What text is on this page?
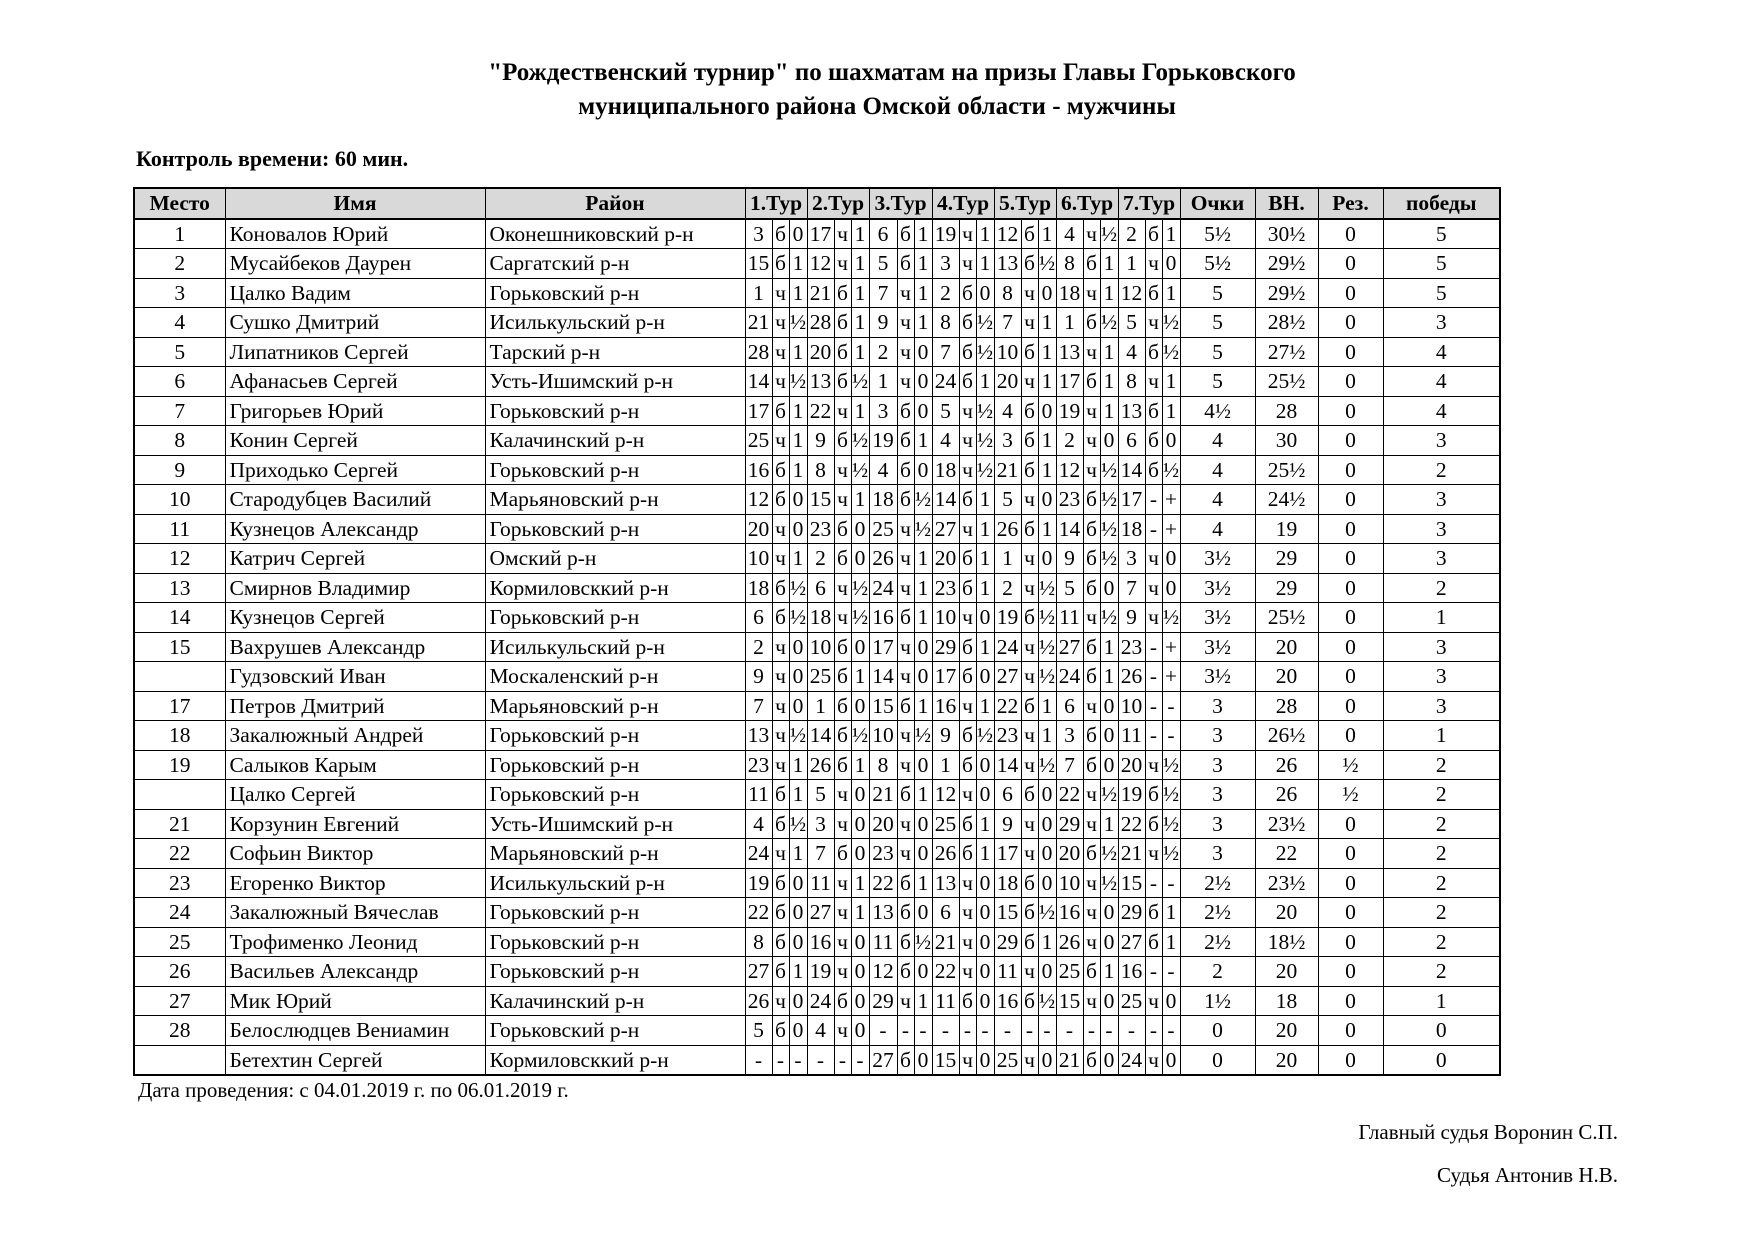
"Рождественский турнир" по шахматам на призы Главы Горьковского
муниципального района Омской области - мужчины
Контроль времени: 60 мин.
Место	Имя	Район	1.Тур			2.Тур			3.Тур			4.Тур			5.Тур			6.Тур			7.Тур			Очки	ВН.	Рез.	победы
1	Коновалов Юрий	Оконешниковский р-н	3	б	0	17	ч	1	6	б	1	19	ч	1	12	б	1	4	ч	½	2	б	1	5½	30½	0	5
2	Мусайбеков Даурен	Саргатский р-н	15	б	1	12	ч	1	5	б	1	3	ч	1	13	б	½	8	б	1	1	ч	0	5½	29½	0	5
3	Цалко Вадим	Горьковский р-н	1	ч	1	21	б	1	7	ч	1	2	б	0	8	ч	0	18	ч	1	12	б	1	5	29½	0	5
4	Сушко Дмитрий	Исилькульский р-н	21	ч	½	28	б	1	9	ч	1	8	б	½	7	ч	1	1	б	½	5	ч	½	5	28½	0	3
5	Липатников Сергей	Тарский р-н	28	ч	1	20	б	1	2	ч	0	7	б	½	10	б	1	13	ч	1	4	б	½	5	27½	0	4
6	Афанасьев Сергей	Усть-Ишимский р-н	14	ч	½	13	б	½	1	ч	0	24	б	1	20	ч	1	17	б	1	8	ч	1	5	25½	0	4
7	Григорьев Юрий	Горьковский р-н	17	б	1	22	ч	1	3	б	0	5	ч	½	4	б	0	19	ч	1	13	б	1	4½	28	0	4
8	Конин Сергей	Калачинский р-н	25	ч	1	9	б	½	19	б	1	4	ч	½	3	б	1	2	ч	0	6	б	0	4	30	0	3
9	Приходько Сергей	Горьковский р-н	16	б	1	8	ч	½	4	б	0	18	ч	½	21	б	1	12	ч	½	14	б	½	4	25½	0	2
10	Стародубцев Василий	Марьяновский р-н	12	б	0	15	ч	1	18	б	½	14	б	1	5	ч	0	23	б	½	17	-	+	4	24½	0	3
11	Кузнецов Александр	Горьковский р-н	20	ч	0	23	б	0	25	ч	½	27	ч	1	26	б	1	14	б	½	18	-	+	4	19	0	3
12	Катрич Сергей	Омский р-н	10	ч	1	2	б	0	26	ч	1	20	б	1	1	ч	0	9	б	½	3	ч	0	3½	29	0	3
13	Смирнов Владимир	Кормиловсккий р-н	18	б	½	6	ч	½	24	ч	1	23	б	1	2	ч	½	5	б	0	7	ч	0	3½	29	0	2
14	Кузнецов Сергей	Горьковский р-н	6	б	½	18	ч	½	16	б	1	10	ч	0	19	б	½	11	ч	½	9	ч	½	3½	25½	0	1
15	Вахрушев Александр	Исилькульский р-н	2	ч	0	10	б	0	17	ч	0	29	б	1	24	ч	½	27	б	1	23	-	+	3½	20	0	3
	Гудзовский Иван	Москаленский р-н	9	ч	0	25	б	1	14	ч	0	17	б	0	27	ч	½	24	б	1	26	-	+	3½	20	0	3
17	Петров Дмитрий	Марьяновский р-н	7	ч	0	1	б	0	15	б	1	16	ч	1	22	б	1	6	ч	0	10	-	-	3	28	0	3
18	Закалюжный Андрей	Горьковский р-н	13	ч	½	14	б	½	10	ч	½	9	б	½	23	ч	1	3	б	0	11	-	-	3	26½	0	1
19	Салыков Карым	Горьковский р-н	23	ч	1	26	б	1	8	ч	0	1	б	0	14	ч	½	7	б	0	20	ч	½	3	26	½	2
	Цалко Сергей	Горьковский р-н	11	б	1	5	ч	0	21	б	1	12	ч	0	6	б	0	22	ч	½	19	б	½	3	26	½	2
21	Корзунин Евгений	Усть-Ишимский р-н	4	б	½	3	ч	0	20	ч	0	25	б	1	9	ч	0	29	ч	1	22	б	½	3	23½	0	2
22	Софьин Виктор	Марьяновский р-н	24	ч	1	7	б	0	23	ч	0	26	б	1	17	ч	0	20	б	½	21	ч	½	3	22	0	2
23	Егоренко Виктор	Исилькульский р-н	19	б	0	11	ч	1	22	б	1	13	ч	0	18	б	0	10	ч	½	15	-	-	2½	23½	0	2
24	Закалюжный Вячеслав	Горьковский р-н	22	б	0	27	ч	1	13	б	0	6	ч	0	15	б	½	16	ч	0	29	б	1	2½	20	0	2
25	Трофименко Леонид	Горьковский р-н	8	б	0	16	ч	0	11	б	½	21	ч	0	29	б	1	26	ч	0	27	б	1	2½	18½	0	2
26	Васильев Александр	Горьковский р-н	27	б	1	19	ч	0	12	б	0	22	ч	0	11	ч	0	25	б	1	16	-	-	2	20	0	2
27	Мик Юрий	Калачинский р-н	26	ч	0	24	б	0	29	ч	1	11	б	0	16	б	½	15	ч	0	25	ч	0	1½	18	0	1
28	Белослюдцев Вениамин	Горьковский р-н	5	б	0	4	ч	0	-	-	-	-	-	-	-	-	-	-	-	-	-	-	-	0	20	0	0
	Бетехтин Сергей	Кормиловсккий р-н	-	-	-	-	-	-	27	б	0	15	ч	0	25	ч	0	21	б	0	24	ч	0	0	20	0	0
Дата проведения: с 04.01.2019 г. по 06.01.2019 г.
Главный судья Воронин С.П.
Судья Антонив Н.В.
